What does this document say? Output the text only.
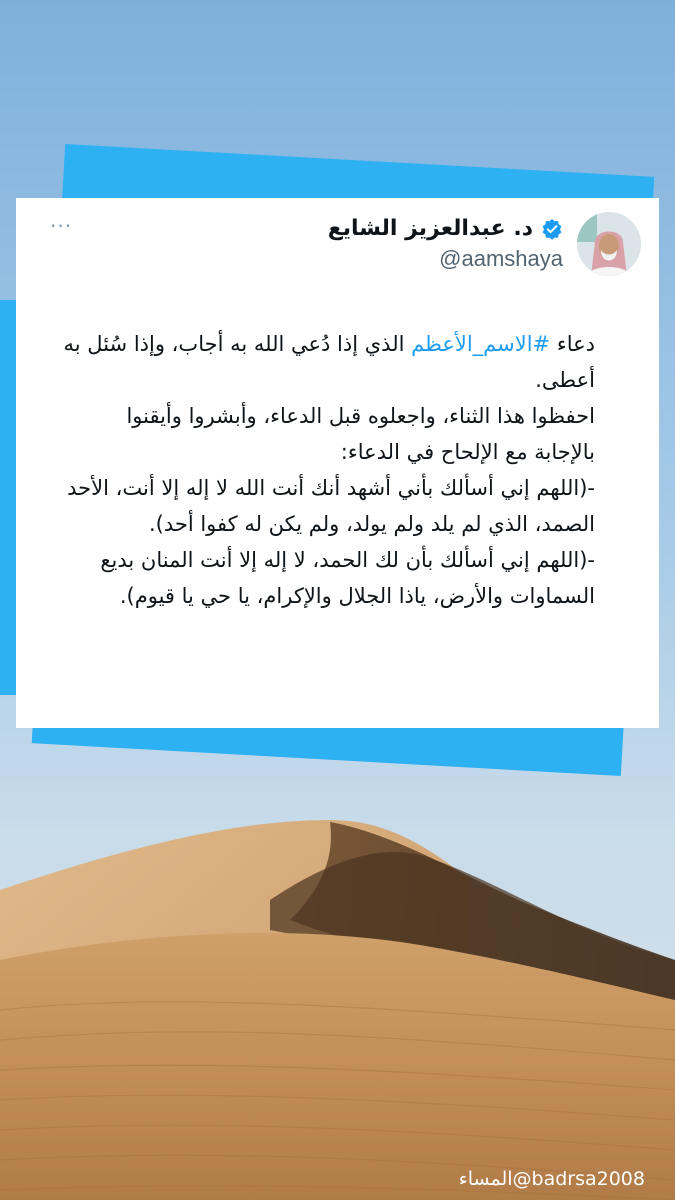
···	د. عبدالعزيز الشايع
@aamshaya

دعاء #الاسم_الأعظم الذي إذا دُعي الله به أجاب، وإذا سُئل به أعطى.

احفظوا هذا الثناء، واجعلوه قبل الدعاء، وأبشروا وأيقنوا بالإجابة مع الإلحاح في الدعاء:

-(اللهم إني أسألك بأني أشهد أنك أنت الله لا إله إلا أنت، الأحد الصمد، الذي لم يلد ولم يولد، ولم يكن له كفوا أحد).

-(اللهم إني أسألك بأن لك الحمد، لا إله إلا أنت المنان بديع السماوات والأرض، ياذا الجلال والإكرام، يا حي يا قيوم).

المساء@badrsa2008
